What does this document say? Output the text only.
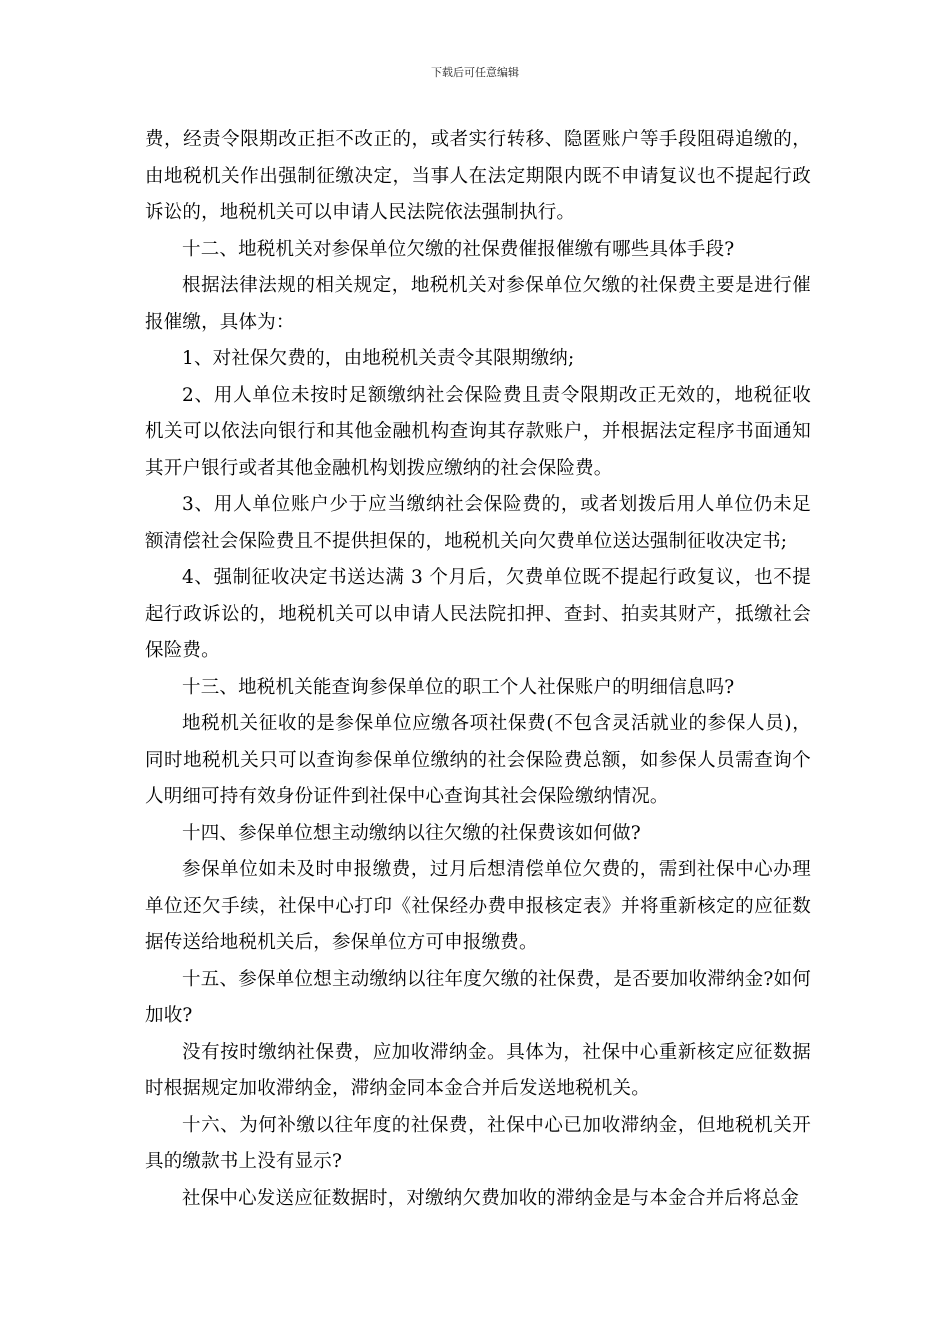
下载后可任意编辑

费，经责令限期改正拒不改正的，或者实行转移、隐匿账户等手段阻碍追缴的，由地税机关作出强制征缴决定，当事人在法定期限内既不申请复议也不提起行政诉讼的，地税机关可以申请人民法院依法强制执行。

十二、地税机关对参保单位欠缴的社保费催报催缴有哪些具体手段?

根据法律法规的相关规定，地税机关对参保单位欠缴的社保费主要是进行催报催缴，具体为：

1、对社保欠费的，由地税机关责令其限期缴纳;

2、用人单位未按时足额缴纳社会保险费且责令限期改正无效的，地税征收机关可以依法向银行和其他金融机构查询其存款账户，并根据法定程序书面通知其开户银行或者其他金融机构划拨应缴纳的社会保险费。

3、用人单位账户少于应当缴纳社会保险费的，或者划拨后用人单位仍未足额清偿社会保险费且不提供担保的，地税机关向欠费单位送达强制征收决定书;

4、强制征收决定书送达满 3 个月后，欠费单位既不提起行政复议，也不提起行政诉讼的，地税机关可以申请人民法院扣押、查封、拍卖其财产，抵缴社会保险费。

十三、地税机关能查询参保单位的职工个人社保账户的明细信息吗?

地税机关征收的是参保单位应缴各项社保费(不包含灵活就业的参保人员)，同时地税机关只可以查询参保单位缴纳的社会保险费总额，如参保人员需查询个人明细可持有效身份证件到社保中心查询其社会保险缴纳情况。

十四、参保单位想主动缴纳以往欠缴的社保费该如何做?

参保单位如未及时申报缴费，过月后想清偿单位欠费的，需到社保中心办理单位还欠手续，社保中心打印《社保经办费申报核定表》并将重新核定的应征数据传送给地税机关后，参保单位方可申报缴费。

十五、参保单位想主动缴纳以往年度欠缴的社保费，是否要加收滞纳金?如何加收?

没有按时缴纳社保费，应加收滞纳金。具体为，社保中心重新核定应征数据时根据规定加收滞纳金，滞纳金同本金合并后发送地税机关。

十六、为何补缴以往年度的社保费，社保中心已加收滞纳金，但地税机关开具的缴款书上没有显示?

社保中心发送应征数据时，对缴纳欠费加收的滞纳金是与本金合并后将总金
